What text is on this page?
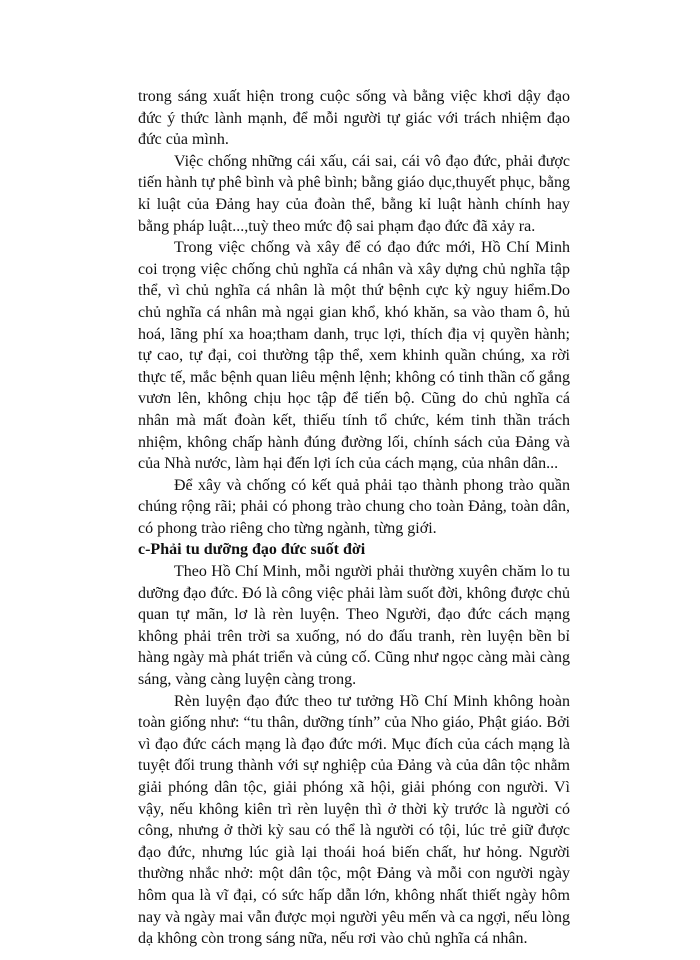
trong sáng xuất hiện trong cuộc sống và bằng việc khơi dậy đạo đức ý thức lành mạnh, để mỗi người tự giác với trách nhiệm đạo đức của mình.

Việc chống những cái xấu, cái sai, cái vô đạo đức, phải được tiến hành tự phê bình và phê bình; bằng giáo dục,thuyết phục, bằng kỉ luật của Đảng hay của đoàn thể, bằng kỉ luật hành chính hay bằng pháp luật...,tuỳ theo mức độ sai phạm đạo đức đã xảy ra.

Trong việc chống và xây để có đạo đức mới, Hồ Chí Minh coi trọng việc chống chủ nghĩa cá nhân và xây dựng chủ nghĩa tập thể, vì chủ nghĩa cá nhân là một thứ bệnh cực kỳ nguy hiểm.Do chủ nghĩa cá nhân mà ngại gian khổ, khó khăn, sa vào tham ô, hủ hoá, lãng phí xa hoa;tham danh, trục lợi, thích địa vị quyền hành; tự cao, tự đại, coi thường tập thể, xem khinh quần chúng, xa rời thực tế, mắc bệnh quan liêu mệnh lệnh; không có tinh thần cố gắng vươn lên, không chịu học tập để tiến bộ. Cũng do chủ nghĩa cá nhân mà mất đoàn kết, thiếu tính tổ chức, kém tinh thần trách nhiệm, không chấp hành đúng đường lối, chính sách của Đảng và của Nhà nước, làm hại đến lợi ích của cách mạng, của nhân dân...

Để xây và chống có kết quả phải tạo thành phong trào quần chúng rộng rãi; phải có phong trào chung cho toàn Đảng, toàn dân, có phong trào riêng cho từng ngành, từng giới.

c-Phải tu dưỡng đạo đức suốt đời

Theo Hồ Chí Minh, mỗi người phải thường xuyên chăm lo tu dưỡng đạo đức. Đó là công việc phải làm suốt đời, không được chủ quan tự mãn, lơ là rèn luyện. Theo Người, đạo đức cách mạng không phải trên trời sa xuống, nó do đấu tranh, rèn luyện bền bỉ hàng ngày mà phát triển và củng cố. Cũng như ngọc càng mài càng sáng, vàng càng luyện càng trong.

Rèn luyện đạo đức theo tư tưởng Hồ Chí Minh không hoàn toàn giống như: “tu thân, dưỡng tính” của Nho giáo, Phật giáo. Bởi vì đạo đức cách mạng là đạo đức mới. Mục đích của cách mạng là tuyệt đối trung thành với sự nghiệp của Đảng và của dân tộc nhằm giải phóng dân tộc, giải phóng xã hội, giải phóng con người. Vì vậy, nếu không kiên trì rèn luyện thì ở thời kỳ trước là người có công, nhưng ở thời kỳ sau có thể là người có tội, lúc trẻ giữ được đạo đức, nhưng lúc già lại thoái hoá biến chất, hư hỏng. Người thường nhắc nhở: một dân tộc, một Đảng và mỗi con người ngày hôm qua là vĩ đại, có sức hấp dẫn lớn, không nhất thiết ngày hôm nay và ngày mai vẫn được mọi người yêu mến và ca ngợi, nếu lòng dạ không còn trong sáng nữa, nếu rơi vào chủ nghĩa cá nhân.
